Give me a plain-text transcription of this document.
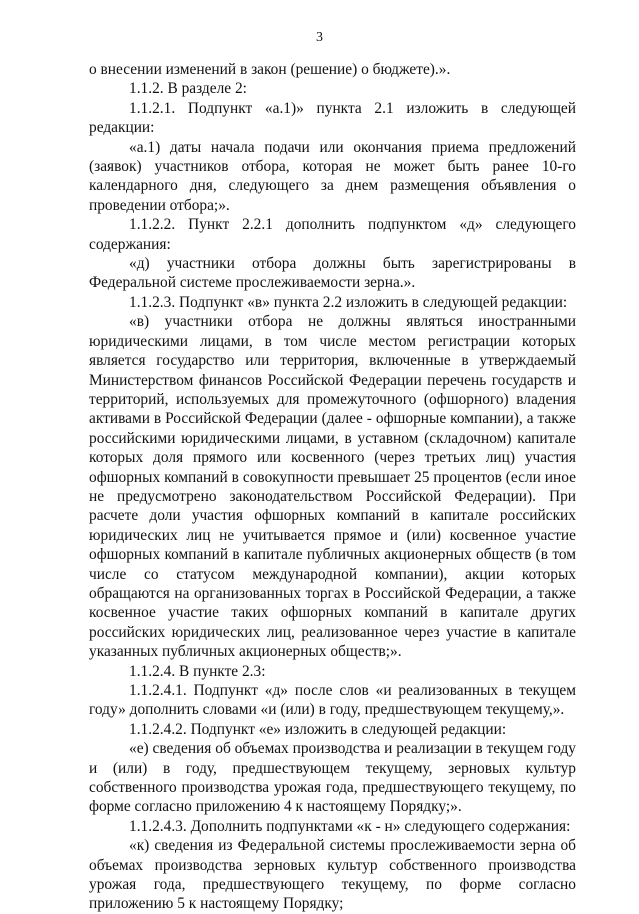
3

о внесении изменений в закон (решение) о бюджете).».

1.1.2. В разделе 2:

1.1.2.1. Подпункт «а.1)» пункта 2.1 изложить в следующей редакции:

«а.1) даты начала подачи или окончания приема предложений (заявок) участников отбора, которая не может быть ранее 10-го календарного дня, следующего за днем размещения объявления о проведении отбора;».

1.1.2.2. Пункт 2.2.1 дополнить подпунктом «д» следующего содержания:

«д) участники отбора должны быть зарегистрированы в Федеральной системе прослеживаемости зерна.».

1.1.2.3. Подпункт «в» пункта 2.2 изложить в следующей редакции:

«в) участники отбора не должны являться иностранными юридическими лицами, в том числе местом регистрации которых является государство или территория, включенные в утверждаемый Министерством финансов Российской Федерации перечень государств и территорий, используемых для промежуточного (офшорного) владения активами в Российской Федерации (далее - офшорные компании), а также российскими юридическими лицами, в уставном (складочном) капитале которых доля прямого или косвенного (через третьих лиц) участия офшорных компаний в совокупности превышает 25 процентов (если иное не предусмотрено законодательством Российской Федерации). При расчете доли участия офшорных компаний в капитале российских юридических лиц не учитывается прямое и (или) косвенное участие офшорных компаний в капитале публичных акционерных обществ (в том числе со статусом международной компании), акции которых обращаются на организованных торгах в Российской Федерации, а также косвенное участие таких офшорных компаний в капитале других российских юридических лиц, реализованное через участие в капитале указанных публичных акционерных обществ;».

1.1.2.4. В пункте 2.3:

1.1.2.4.1. Подпункт «д» после слов «и реализованных в текущем году» дополнить словами «и (или) в году, предшествующем текущему,».

1.1.2.4.2. Подпункт «е» изложить в следующей редакции:

«е) сведения об объемах производства и реализации в текущем году и (или) в году, предшествующем текущему, зерновых культур собственного производства урожая года, предшествующего текущему, по форме согласно приложению 4 к настоящему Порядку;».

1.1.2.4.3. Дополнить подпунктами «к - н» следующего содержания:

«к) сведения из Федеральной системы прослеживаемости зерна об объемах производства зерновых культур собственного производства урожая года, предшествующего текущему, по форме согласно приложению 5 к настоящему Порядку;
